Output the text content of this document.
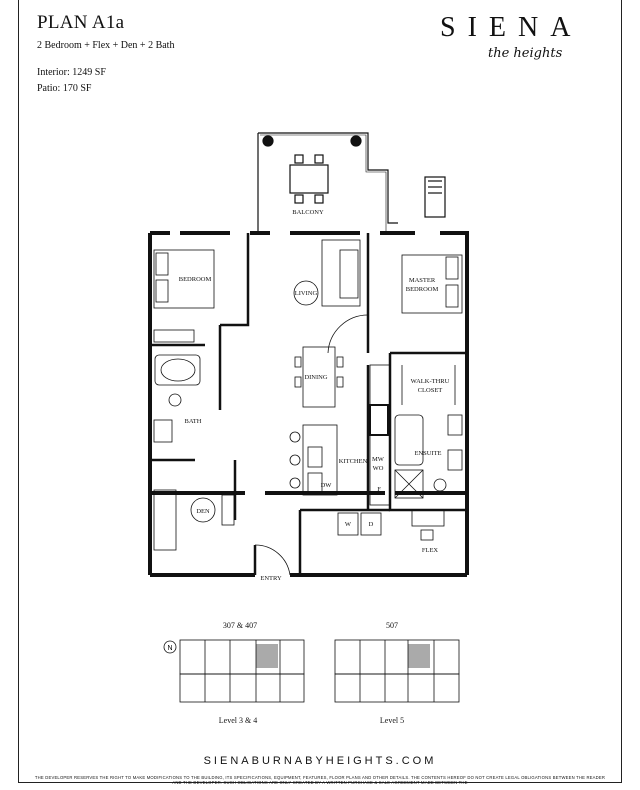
PLAN A1a
2 Bedroom + Flex + Den + 2 Bath
Interior: 1249 SF
Patio: 170 SF
SIENA
the heights
BEDROOM
BALCONY
LIVING
MASTER
BEDROOM
DINING
WALK-THRU
CLOSET
BATH
KITCHEN MW
WO
ENSUITE
DW
F
DEN
W	D
FLEX
ENTRY
307 & 407	507
N
Level 3 & 4	Level 5
SIENABURNABYHEIGHTS.COM
THE DEVELOPER RESERVES THE RIGHT TO MAKE MODIFICATIONS TO THE BUILDING, ITS SPECIFICATIONS, EQUIPMENT, FEATURES, FLOOR PLANS AND OTHER DETAILS. THE CONTENTS HEREOF DO NOT CREATE LEGAL OBLIGATIONS BETWEEN THE READER AND THE DEVELOPER. SUCH OBLIGATIONS ARE ONLY CREATED BY A WRITTEN PURCHASE & SALE AGREEMENT MADE BETWEEN THE
